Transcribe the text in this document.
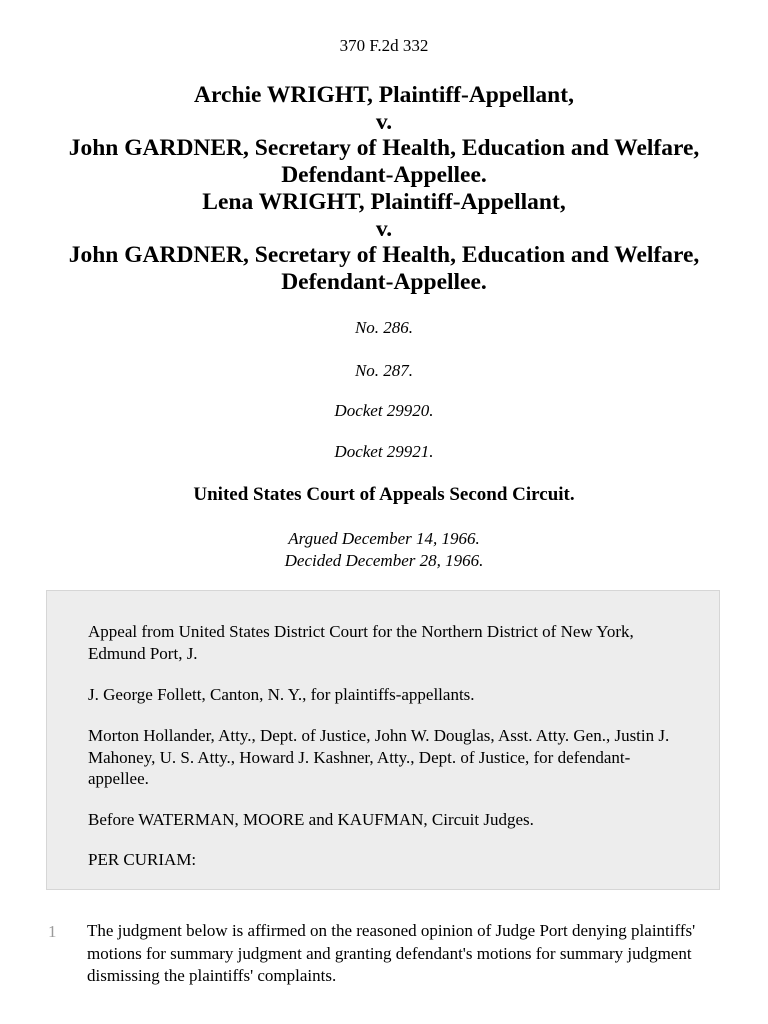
370 F.2d 332
Archie WRIGHT, Plaintiff-Appellant,
v.
John GARDNER, Secretary of Health, Education and Welfare,
Defendant-Appellee.
Lena WRIGHT, Plaintiff-Appellant,
v.
John GARDNER, Secretary of Health, Education and Welfare,
Defendant-Appellee.
No. 286.
No. 287.
Docket 29920.
Docket 29921.
United States Court of Appeals Second Circuit.
Argued December 14, 1966.
Decided December 28, 1966.

Appeal from United States District Court for the Northern District of New York, Edmund Port, J.

J. George Follett, Canton, N. Y., for plaintiffs-appellants.

Morton Hollander, Atty., Dept. of Justice, John W. Douglas, Asst. Atty. Gen., Justin J. Mahoney, U. S. Atty., Howard J. Kashner, Atty., Dept. of Justice, for defendant-appellee.

Before WATERMAN, MOORE and KAUFMAN, Circuit Judges.

PER CURIAM:

1 The judgment below is affirmed on the reasoned opinion of Judge Port denying plaintiffs' motions for summary judgment and granting defendant's motions for summary judgment dismissing the plaintiffs' complaints.
